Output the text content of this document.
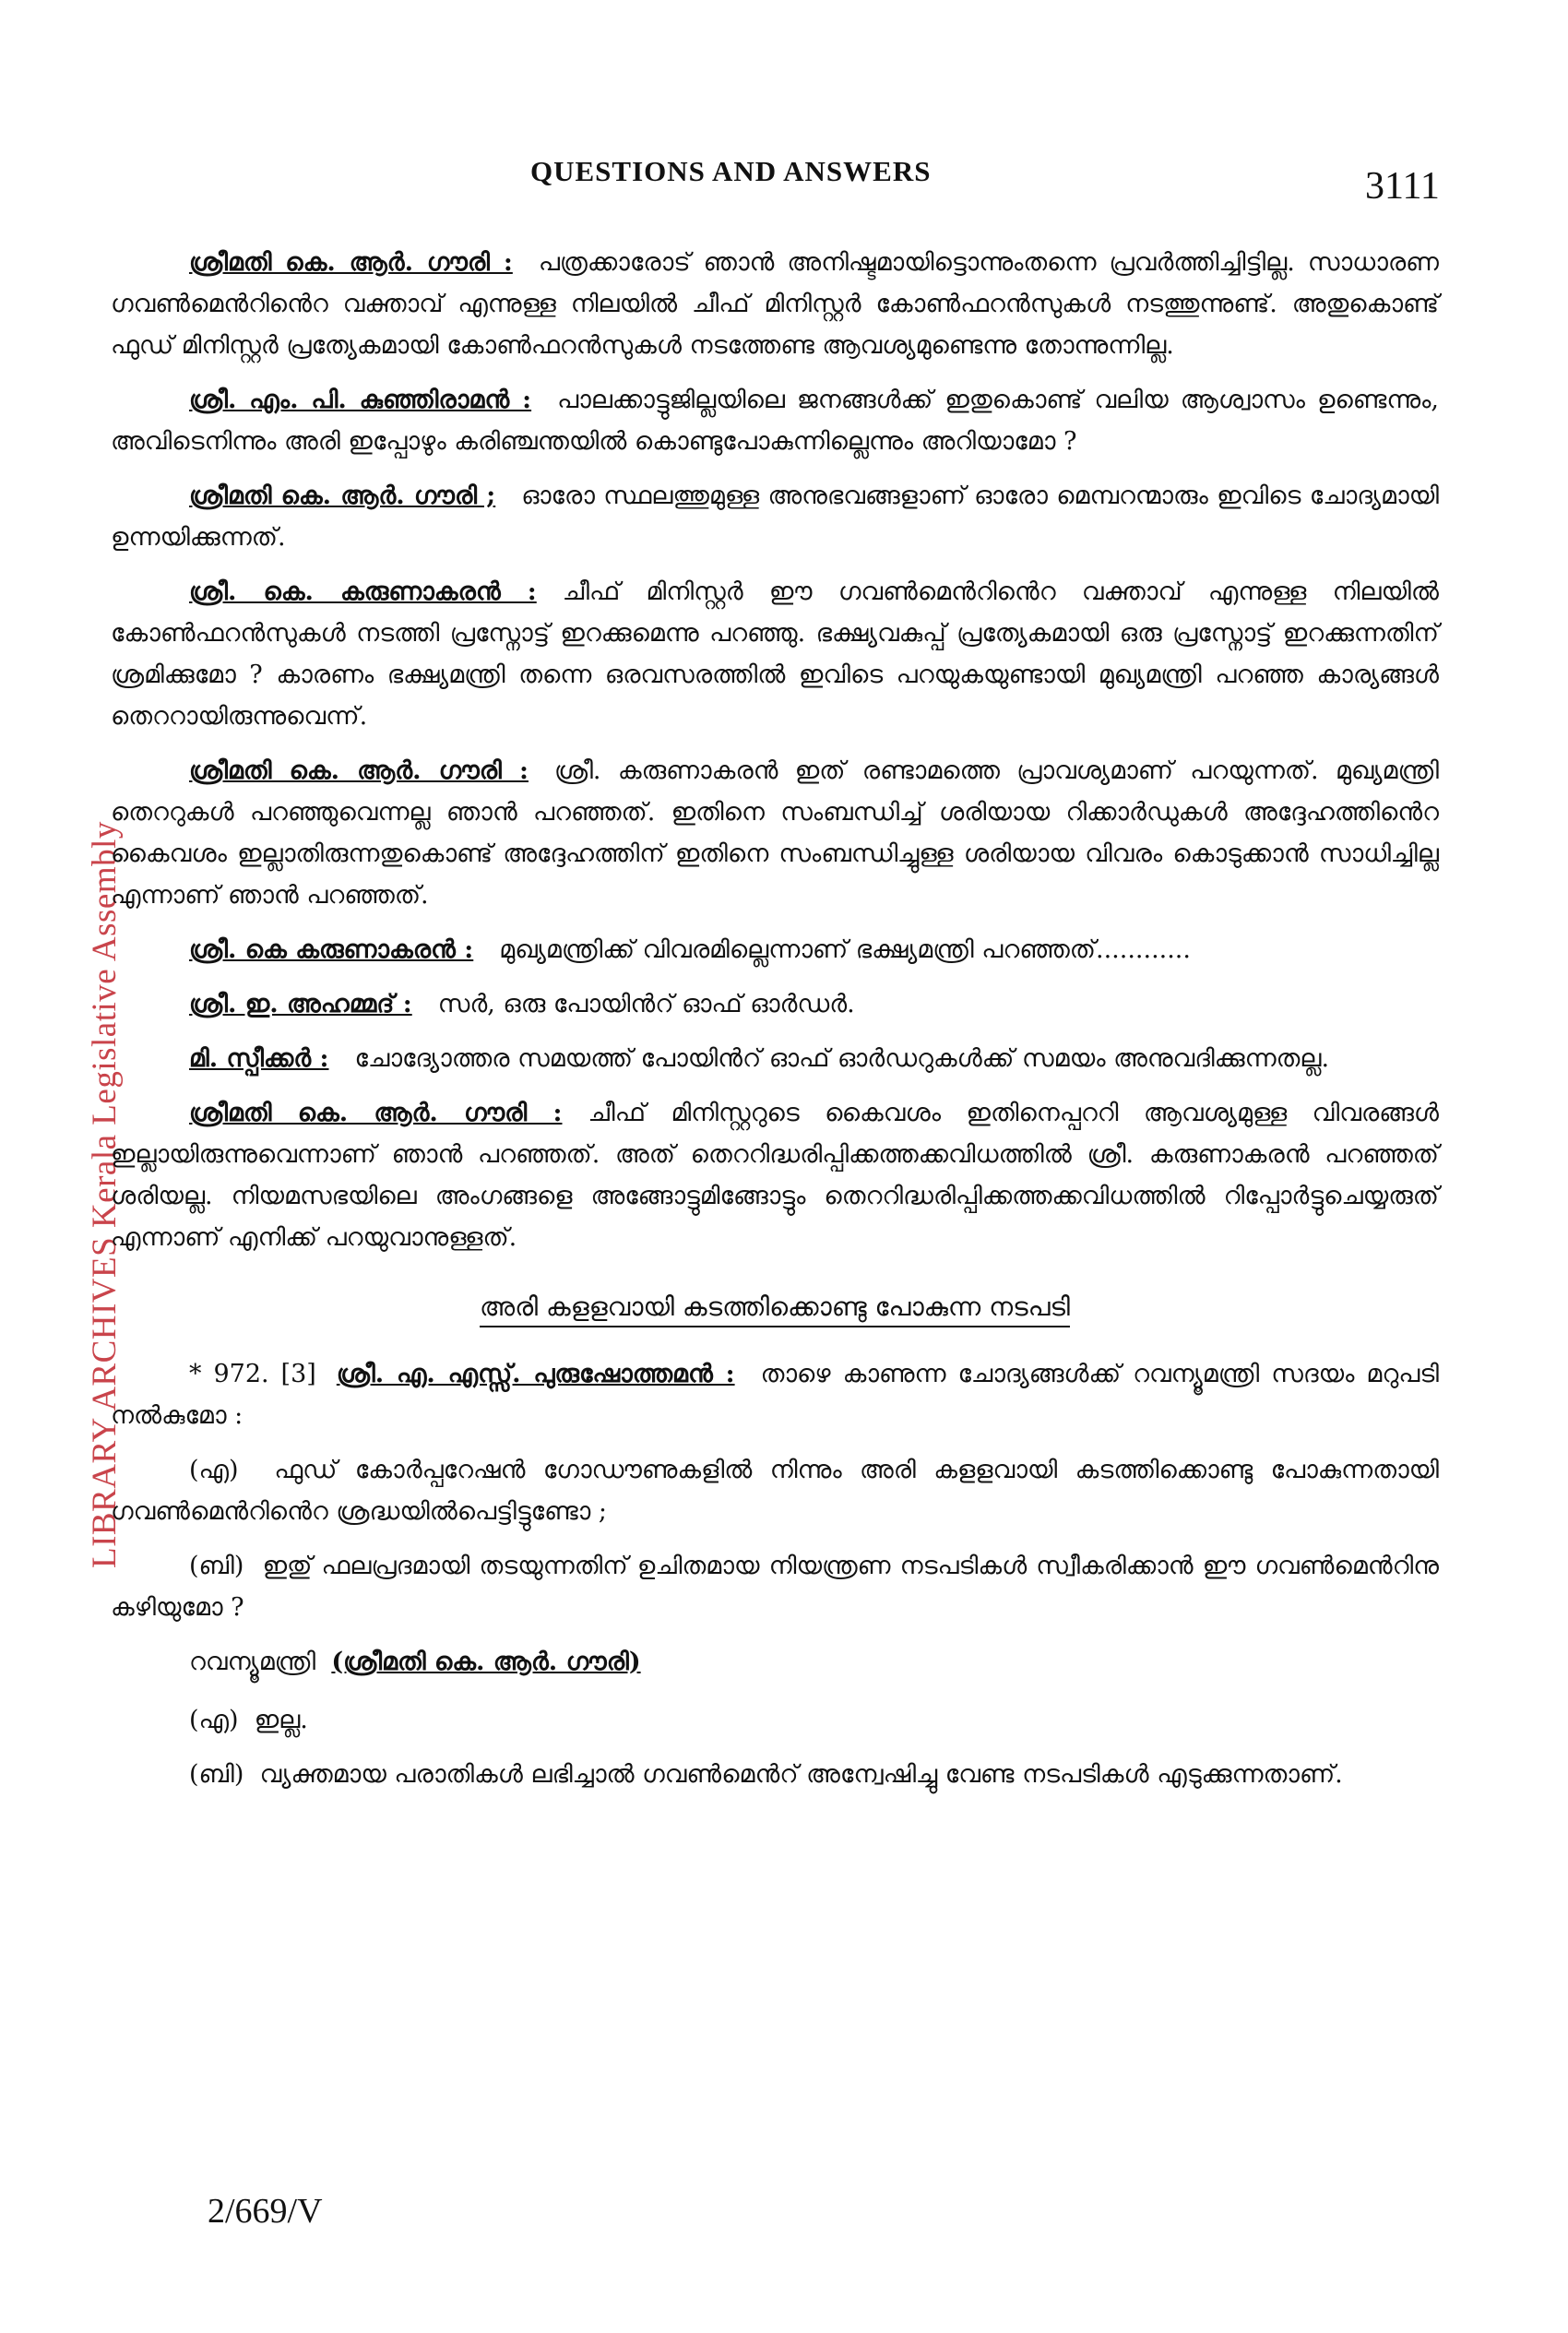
QUESTIONS AND ANSWERS	3111
LIBRARY ARCHIVES Kerala Legislative Assembly

ശ്രീമതി കെ. ആർ. ഗൗരി : പത്രക്കാരോട് ഞാൻ അനിഷ്ടമായിട്ടൊന്നുംതന്നെ പ്രവർത്തിച്ചിട്ടില്ല. സാധാരണ ഗവൺമെൻറിൻെറ വക്താവ് എന്നുള്ള നിലയിൽ ചീഫ് മിനിസ്റ്റർ കോൺഫറൻസുകൾ നടത്തുന്നുണ്ട്. അതുകൊണ്ട് ഫുഡ് മിനിസ്റ്റർ പ്രത്യേകമായി കോൺഫറൻസുകൾ നടത്തേണ്ട ആവശ്യമുണ്ടെന്നു തോന്നുന്നില്ല.

ശ്രീ. എം. പി. കുഞ്ഞിരാമൻ : പാലക്കാട്ടുജില്ലയിലെ ജനങ്ങൾക്ക് ഇതുകൊണ്ട് വലിയ ആശ്വാസം ഉണ്ടെന്നും, അവിടെനിന്നും അരി ഇപ്പോഴും കരിഞ്ചന്തയിൽ കൊണ്ടുപോകുന്നില്ലെന്നും അറിയാമോ ?

ശ്രീമതി കെ. ആർ. ഗൗരി ; ഓരോ സ്ഥലത്തുമുള്ള അനുഭവങ്ങളാണ് ഓരോ മെമ്പറന്മാരും ഇവിടെ ചോദ്യമായി ഉന്നയിക്കുന്നത്.

ശ്രീ. കെ. കരുണാകരൻ : ചീഫ് മിനിസ്റ്റർ ഈ ഗവൺമെൻറിൻെറ വക്താവ് എന്നുള്ള നിലയിൽ കോൺഫറൻസുകൾ നടത്തി പ്രസ്നോട്ട് ഇറക്കുമെന്നു പറഞ്ഞു. ഭക്ഷ്യവകുപ്പ് പ്രത്യേകമായി ഒരു പ്രസ്നോട്ട് ഇറക്കുന്നതിന് ശ്രമിക്കുമോ ? കാരണം ഭക്ഷ്യമന്ത്രി തന്നെ ഒരവസരത്തിൽ ഇവിടെ പറയുകയുണ്ടായി മുഖ്യമന്ത്രി പറഞ്ഞ കാര്യങ്ങൾ തെററായിരുന്നുവെന്ന്.

ശ്രീമതി കെ. ആർ. ഗൗരി : ശ്രീ. കരുണാകരൻ ഇത് രണ്ടാമത്തെ പ്രാവശ്യമാണ് പറയുന്നത്. മുഖ്യമന്ത്രി തെററുകൾ പറഞ്ഞുവെന്നല്ല ഞാൻ പറഞ്ഞത്. ഇതിനെ സംബന്ധിച്ച് ശരിയായ റിക്കാർഡുകൾ അദ്ദേഹത്തിൻെറ കൈവശം ഇല്ലാതിരുന്നതുകൊണ്ട് അദ്ദേഹത്തിന് ഇതിനെ സംബന്ധിച്ചുള്ള ശരിയായ വിവരം കൊടുക്കാൻ സാധിച്ചില്ല എന്നാണ് ഞാൻ പറഞ്ഞത്.

ശ്രീ. കെ കരുണാകരൻ : മുഖ്യമന്ത്രിക്ക് വിവരമില്ലെന്നാണ് ഭക്ഷ്യമന്ത്രി പറഞ്ഞത്............

ശ്രീ. ഇ. അഹമ്മദ് : സർ, ഒരു പോയിൻറ് ഓഫ് ഓർഡർ.

മി. സ്പീക്കർ : ചോദ്യോത്തര സമയത്ത് പോയിൻറ് ഓഫ് ഓർഡറുകൾക്ക് സമയം അനുവദിക്കുന്നതല്ല.

ശ്രീമതി കെ. ആർ. ഗൗരി : ചീഫ് മിനിസ്റ്ററുടെ കൈവശം ഇതിനെപ്പററി ആവശ്യമുള്ള വിവരങ്ങൾ ഇല്ലായിരുന്നുവെന്നാണ് ഞാൻ പറഞ്ഞത്. അത് തെററിദ്ധരിപ്പിക്കത്തക്കവിധത്തിൽ ശ്രീ. കരുണാകരൻ പറഞ്ഞത് ശരിയല്ല. നിയമസഭയിലെ അംഗങ്ങളെ അങ്ങോട്ടുമിങ്ങോട്ടും തെററിദ്ധരിപ്പിക്കത്തക്കവിധത്തിൽ റിപ്പോർട്ടുചെയ്യരുത് എന്നാണ് എനിക്ക് പറയുവാനുള്ളത്.

അരി കളളവായി കടത്തിക്കൊണ്ടു പോകുന്ന നടപടി

* 972. [3] ശ്രീ. എ. എസ്സ്. പുരുഷോത്തമൻ : താഴെ കാണുന്ന ചോദ്യങ്ങൾക്ക് റവന്യൂമന്ത്രി സദയം മറുപടി നൽകുമോ :

(എ) ഫുഡ് കോർപ്പറേഷൻ ഗോഡൗണുകളിൽ നിന്നും അരി കളളവായി കടത്തിക്കൊണ്ടു പോകുന്നതായി ഗവൺമെൻറിൻെറ ശ്രദ്ധയിൽപെട്ടിട്ടുണ്ടോ ;

(ബി) ഇതു് ഫലപ്രദമായി തടയുന്നതിന് ഉചിതമായ നിയന്ത്രണ നടപടികൾ സ്വീകരിക്കാൻ ഈ ഗവൺമെൻറിനു കഴിയുമോ ?

റവന്യൂമന്ത്രി (ശ്രീമതി കെ. ആർ. ഗൗരി)

(എ) ഇല്ല.

(ബി) വ്യക്തമായ പരാതികൾ ലഭിച്ചാൽ ഗവൺമെൻറ് അന്വേഷിച്ചു വേണ്ട നടപടികൾ എടുക്കുന്നതാണ്.

2/669/V
